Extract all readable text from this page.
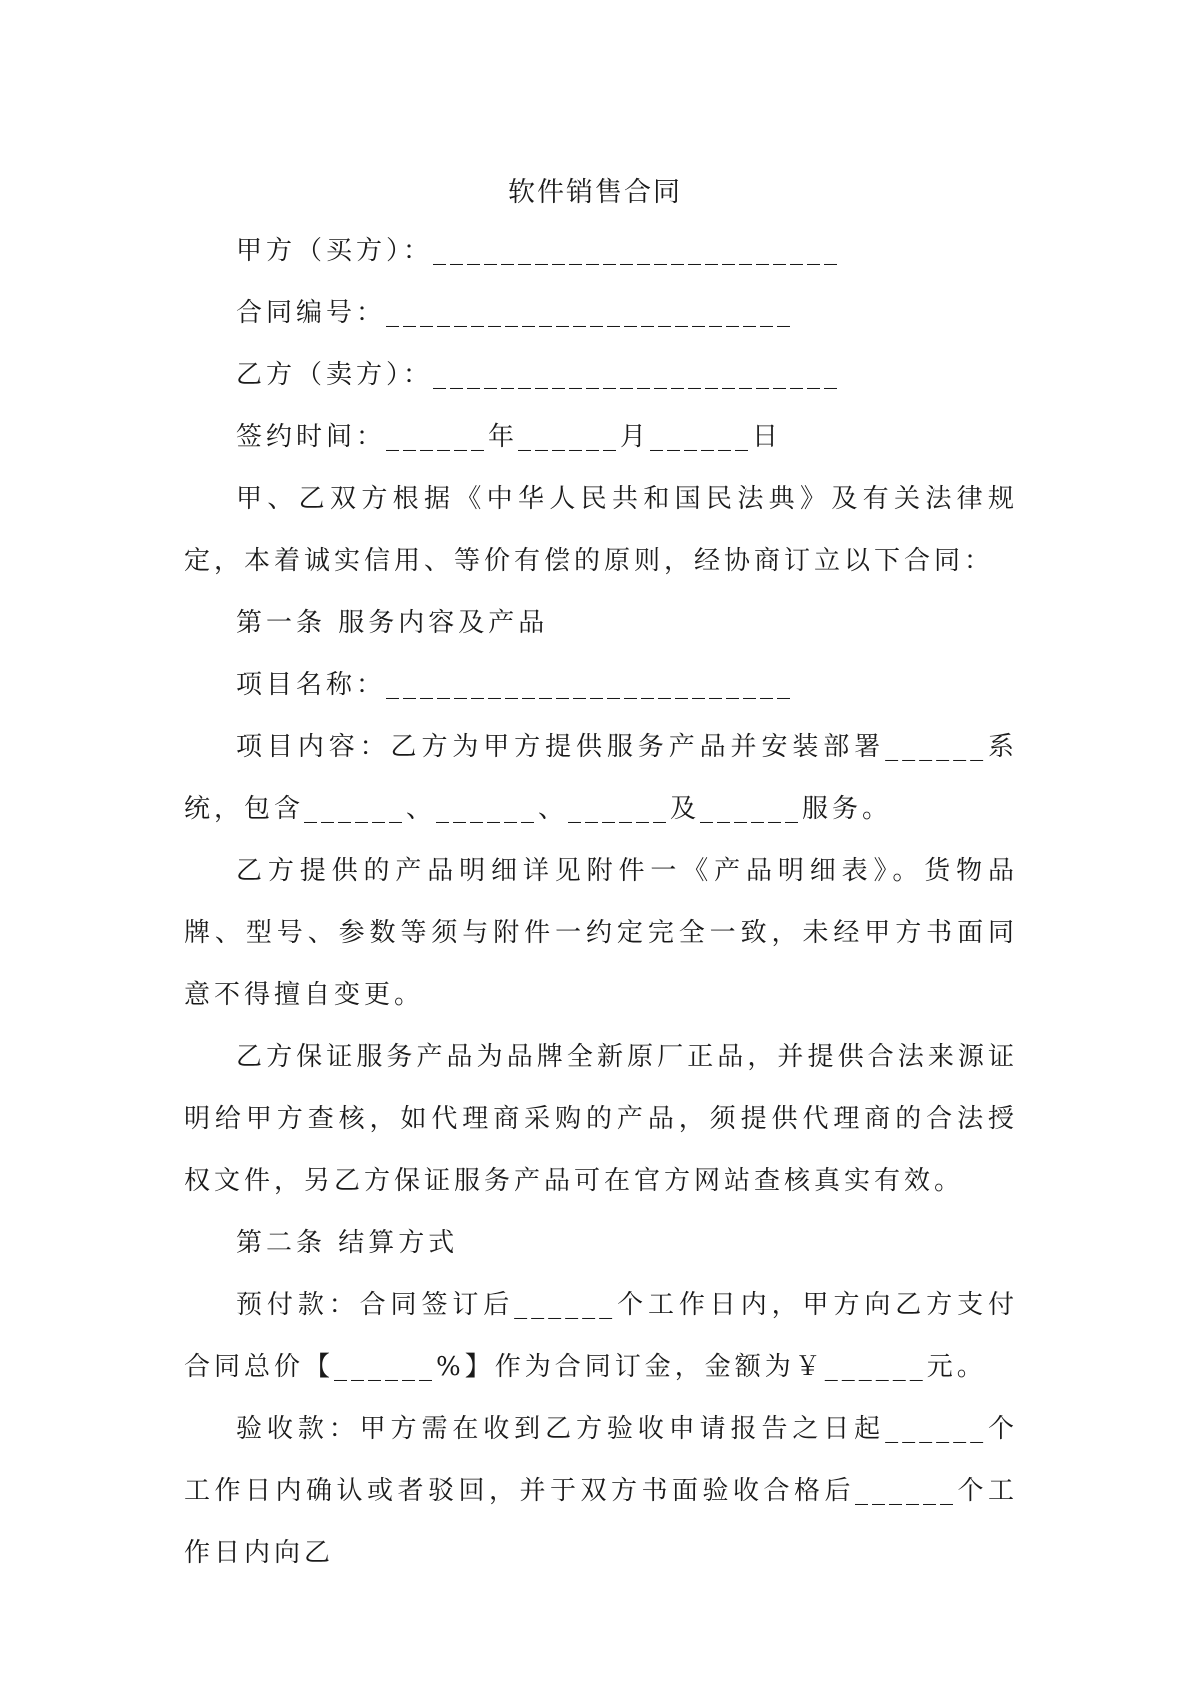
软件销售合同

甲方（买方）：________________________

合同编号：________________________

乙方（卖方）：________________________

签约时间：______年______月______日

甲、乙双方根据《中华人民共和国民法典》及有关法律规定，本着诚实信用、等价有偿的原则，经协商订立以下合同：

第一条 服务内容及产品

项目名称：________________________

项目内容：乙方为甲方提供服务产品并安装部署______系统，包含______、______、______及______服务。

乙方提供的产品明细详见附件一《产品明细表》。货物品牌、型号、参数等须与附件一约定完全一致，未经甲方书面同意不得擅自变更。

乙方保证服务产品为品牌全新原厂正品，并提供合法来源证明给甲方查核，如代理商采购的产品，须提供代理商的合法授权文件，另乙方保证服务产品可在官方网站查核真实有效。

第二条 结算方式

预付款：合同签订后______个工作日内，甲方向乙方支付合同总价【______%】作为合同订金，金额为￥______元。

验收款：甲方需在收到乙方验收申请报告之日起______个工作日内确认或者驳回，并于双方书面验收合格后______个工作日内向乙
